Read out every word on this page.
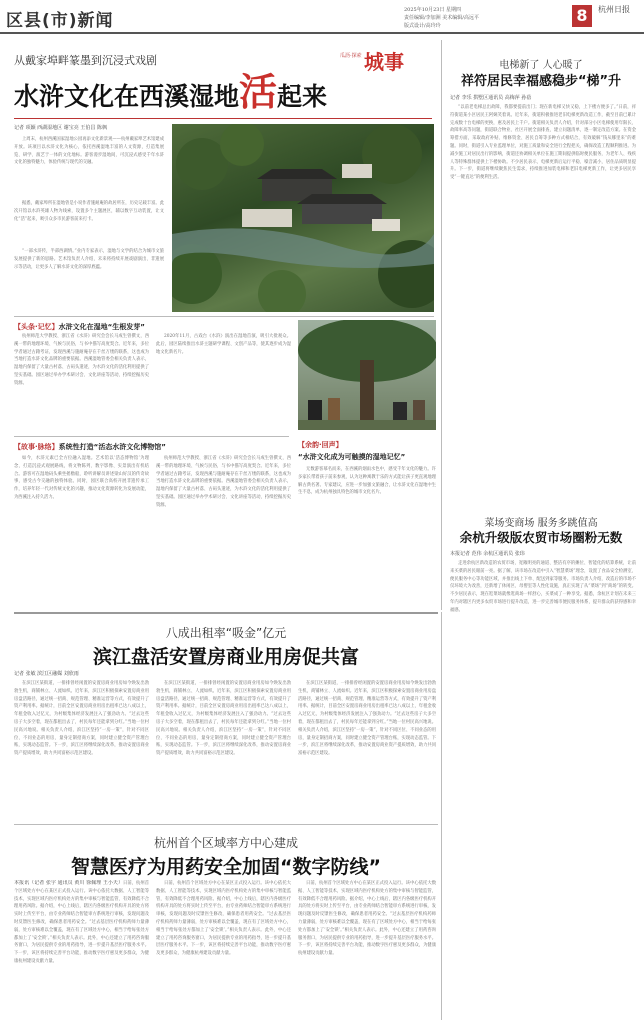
区县(市)新闻
2025年10月23日 星期四
责任编辑/李加洲 美术编辑/高远平
版式设计/高玲玲
8	杭州日报
从戴家埠畔篆墨到沉浸式戏剧
水浒文化在西溪湿地活起来
瓜沥·探索 城事
记者 项颖 西湖湿地区 谢宝亮 王伯昌 陈枫
上周末，杭州西溪国家湿地公园再添文化新景观——杭州戴家埠艺术馆建成开放。该项目以水浒文化为核心，依托西溪湿地丰富的人文资源，打造集展览、研学、演艺于一体的文化地标。游客漫步湿地间，可沉浸式感受千年水浒文化的独特魅力，体验传统与现代的交融。
据悉，戴家埠所在湿地曾是小说作者施耐庵的故居所在，历史记载丰富。此次开馆以水浒英雄人物为线索，设置多个主题展区，辅以数字互动装置，让文化“活”起来，吸引众多市民游客前来打卡。
“一部水浒传，半部西湖情。”业内专家表示，湿地与文学的结合为城市文旅发展提供了新的思路。艺术馆负责人介绍，未来将持续开展戏剧演出、非遗展示等活动，让更多人了解水浒文化的深厚底蕴。
【头条·记忆】水浒文化在湿地“生根发芽”
杭州师范大学教授、浙江省《水浒》研究会会长马成生曾撰文，西溪一带的地理环境、气候与民俗，与书中描写高度契合。近年来，多位学者通过古籍考证，发现西溪与施耐庵存在千丝万缕的联系，这也成为当地打造水浒文化品牌的重要依据。西溪湿地管委会相关负责人表示，湿地内保留了大量古村落、古码头遗迹，为水浒文化的活化利用提供了坚实基础。园区通过举办学术研讨会、文化讲座等活动，持续挖掘历史资源。
2020年11月，古戏台《水浒》演出在湿地首演，吸引大批观众。此后，园区陆续推出水浒主题研学课程、文创产品等，使其逐步成为湿地文化新名片。
【故事·脉络】系统性打造“活态水浒文化博物馆”
如今，水浒元素已全方位融入湿地。艺术馆以‘活态博物馆’为理念，打造沉浸式观展路线，将文物陈列、数字影像、实景演出有机结合。游客可在湿地码头乘坐摇橹船，聆听讲解员讲述梁山好汉的传奇故事，感受古今交融的独特体验。同时，园区联合高校开展非遗传承工作，培养年轻一代对传统文化的兴趣，推动文化资源转化为发展动能，为西溪注入持久活力。
杭州师范大学教授、浙江省《水浒》研究会会长马成生曾撰文，西溪一带的地理环境、气候与民俗，与书中描写高度契合。近年来，多位学者通过古籍考证，发现西溪与施耐庵存在千丝万缕的联系，这也成为当地打造水浒文化品牌的重要依据。西溪湿地管委会相关负责人表示，湿地内保留了大量古村落、古码头遗迹，为水浒文化的活化利用提供了坚实基础。园区通过举办学术研讨会、文化讲座等活动，持续挖掘历史资源。
【余韵·回声】
“水浒文化成为可触摸的湿地记忆”
无数游客慕名而来，在西溪的烟雨水色中，感受千年文化的魅力。许多家长带着孩子前来参观，认为这种寓教于乐的方式能让孩子更直观地理解古典名著。专家建议，应进一步加强文旅融合，让水浒文化在湿地中生生不息，成为杭州独具特色的城市文化名片。
电梯新了 人心暖了
祥符居民幸福感稳步“梯”升
记者 李乐 拱墅区通讯员 高梅萍 孙蓓
“以前老电梯总出故障，我都要提前出门；现在新电梯又快又稳，上下楼方便多了。”日前，祥符街道某小区居民王阿姨笑着说。近年来，街道积极推进老旧电梯更新改造工作，截至目前已累计完成数十台电梯的更换，惠及居民上千户。街道相关负责人介绍，针对部分小区电梯使用年限长、故障率高等问题，街道联合物业、社区开展全面排查，建立问题清单，逐一制定改造方案。在资金筹措方面，采取政府补贴、维修资金、居民自筹等多种方式相结合，有效破解“钱从哪里来”的难题。同时，街道引入专业监理单位，对施工质量和安全进行全程把关，确保改造工程顺利推进。为减少施工对居民出行的影响，街道还协调相关单位在施工期间提供临时便民服务，为老年人、残疾人等特殊群体提供上下楼协助。不少居民表示，电梯更新后运行平稳、噪音减小，居住品质明显提升。下一步，街道将继续聚焦民生需求，持续推进加装电梯和老旧电梯更新工作，让更多居民享受“一键直达”的便利生活。
菜场变商场 服务多跳值高
余杭升级版农贸市场圈粉无数
本报记者 范伟 余杭区通讯员 张玮
走进余杭区新改造的农贸市场，宽敞明亮的通道、整洁有序的摊位、智能化的结算系统，让前来买菜的居民眼前一亮。据了解，该市场在改造中引入“智慧菜场”理念，设置了食品安全检测室、便民服务中心等功能区域，并推出线上下单、配送到家等服务。市场负责人介绍，改造后的市场不仅环境大为改善，还新增了休闲区、母婴室等人性化设施，真正实现了从“菜场”到“商场”的转变。不少居民表示，现在逛菜场就像逛商场一样舒心，买菜成了一种享受。据悉，余杭区计划在未来三年内对辖区内更多农贸市场进行提升改造，进一步完善城市便民服务体系，提升群众的获得感和幸福感。
八成出租率“吸金”亿元
滨江盘活安置房商业用房促共富
记者 张敏 滨江区融媒 刘欣雨
在滨江区某街道，一排排曾经闲置的安置房商业用房如今焕发出勃勃生机，商铺林立、人流如织。近年来，滨江区积极探索安置房商业用房盘活路径，通过统一招商、规范管理、精准运营等方式，有效提升了资产利用率。据统计，目前全区安置房商业用房出租率已达八成以上，年租金收入过亿元，为村级集体经济发展注入了强劲动力。“过去这些房子大多空着，现在都租出去了，村民每年还能拿到分红。”当地一位村民高兴地说。相关负责人介绍，滨江区坚持“一房一策”，针对不同区位、不同业态的用房，量身定制招商方案，同时建立健全资产管理台账，实现动态监管。下一步，滨江区将继续深化改革，推动安置房商业资产提质增效，助力共同富裕示范区建设。
在滨江区某街道，一排排曾经闲置的安置房商业用房如今焕发出勃勃生机，商铺林立、人流如织。近年来，滨江区积极探索安置房商业用房盘活路径，通过统一招商、规范管理、精准运营等方式，有效提升了资产利用率。据统计，目前全区安置房商业用房出租率已达八成以上，年租金收入过亿元，为村级集体经济发展注入了强劲动力。“过去这些房子大多空着，现在都租出去了，村民每年还能拿到分红。”当地一位村民高兴地说。相关负责人介绍，滨江区坚持“一房一策”，针对不同区位、不同业态的用房，量身定制招商方案，同时建立健全资产管理台账，实现动态监管。下一步，滨江区将继续深化改革，推动安置房商业资产提质增效，助力共同富裕示范区建设。
在滨江区某街道，一排排曾经闲置的安置房商业用房如今焕发出勃勃生机，商铺林立、人流如织。近年来，滨江区积极探索安置房商业用房盘活路径，通过统一招商、规范管理、精准运营等方式，有效提升了资产利用率。据统计，目前全区安置房商业用房出租率已达八成以上，年租金收入过亿元，为村级集体经济发展注入了强劲动力。“过去这些房子大多空着，现在都租出去了，村民每年还能拿到分红。”当地一位村民高兴地说。相关负责人介绍，滨江区坚持“一房一策”，针对不同区位、不同业态的用房，量身定制招商方案，同时建立健全资产管理台账，实现动态监管。下一步，滨江区将继续深化改革，推动安置房商业资产提质增效，助力共同富裕示范区建设。
杭州首个区域率方中心建成
智慧医疗为用药安全加固“数字防线”
本报讯（记者 张宇 通讯员 黄川 徐佩理 王小天）日前，杭州首个区域处方中心在某区正式投入运行。该中心依托大数据、人工智能等技术，实现区域内医疗机构处方的集中审核与智能监管，有效降低不合理用药风险。据介绍，中心上线后，辖区内各级医疗机构开具的处方将实时上传至平台，由专业药师结合智能审方系统进行审核，发现问题及时反馈医生修改，确保患者用药安全。“过去基层医疗机构药师力量薄弱，处方审核难以全覆盖，现在有了区域处方中心，相当于给每张处方都加上了‘安全锁’。”相关负责人表示。此外，中心还建立了用药咨询服务窗口，为居民提供专业的用药指导，进一步提升基层医疗服务水平。下一步，该区将持续完善平台功能，推动数字医疗惠及更多群众，为健康杭州建设贡献力量。
日前，杭州首个区域处方中心在某区正式投入运行。该中心依托大数据、人工智能等技术，实现区域内医疗机构处方的集中审核与智能监管，有效降低不合理用药风险。据介绍，中心上线后，辖区内各级医疗机构开具的处方将实时上传至平台，由专业药师结合智能审方系统进行审核，发现问题及时反馈医生修改，确保患者用药安全。“过去基层医疗机构药师力量薄弱，处方审核难以全覆盖，现在有了区域处方中心，相当于给每张处方都加上了‘安全锁’。”相关负责人表示。此外，中心还建立了用药咨询服务窗口，为居民提供专业的用药指导，进一步提升基层医疗服务水平。下一步，该区将持续完善平台功能，推动数字医疗惠及更多群众，为健康杭州建设贡献力量。
日前，杭州首个区域处方中心在某区正式投入运行。该中心依托大数据、人工智能等技术，实现区域内医疗机构处方的集中审核与智能监管，有效降低不合理用药风险。据介绍，中心上线后，辖区内各级医疗机构开具的处方将实时上传至平台，由专业药师结合智能审方系统进行审核，发现问题及时反馈医生修改，确保患者用药安全。“过去基层医疗机构药师力量薄弱，处方审核难以全覆盖，现在有了区域处方中心，相当于给每张处方都加上了‘安全锁’。”相关负责人表示。此外，中心还建立了用药咨询服务窗口，为居民提供专业的用药指导，进一步提升基层医疗服务水平。下一步，该区将持续完善平台功能，推动数字医疗惠及更多群众，为健康杭州建设贡献力量。
